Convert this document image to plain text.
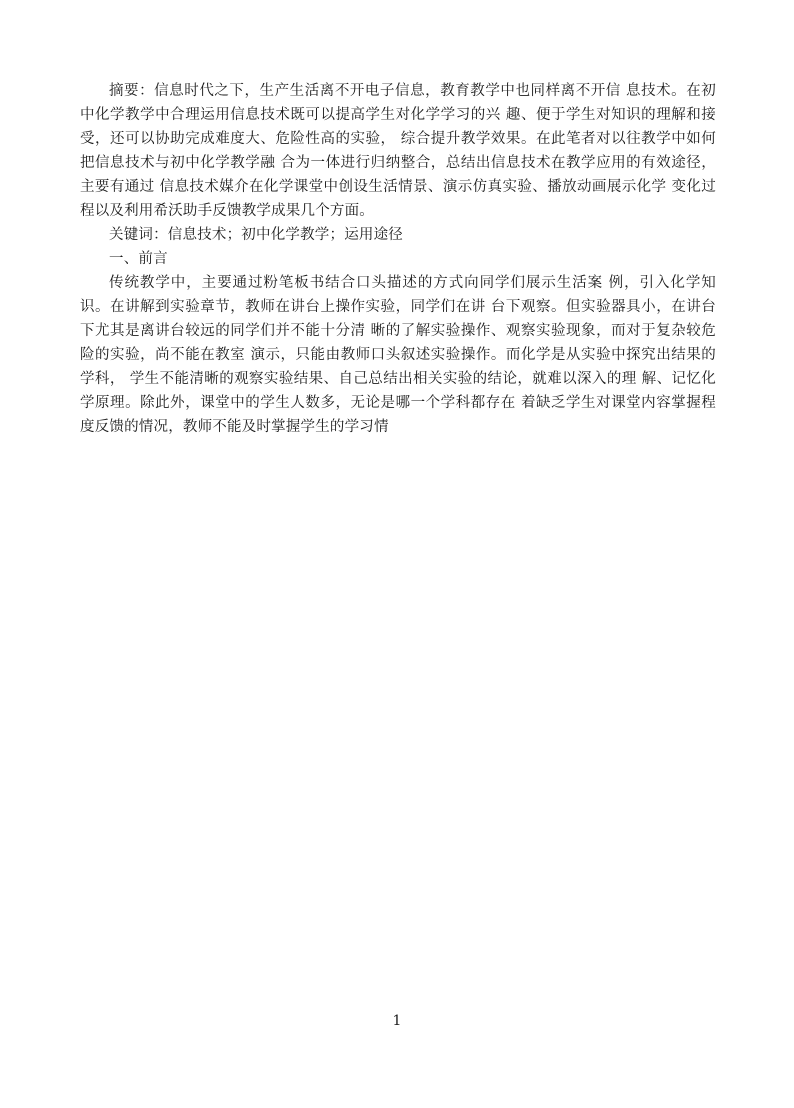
摘要：信息时代之下，生产生活离不开电子信息，教育教学中也同样离不开信 息技术。在初中化学教学中合理运用信息技术既可以提高学生对化学学习的兴 趣、便于学生对知识的理解和接受，还可以协助完成难度大、危险性高的实验， 综合提升教学效果。在此笔者对以往教学中如何把信息技术与初中化学教学融 合为一体进行归纳整合，总结出信息技术在教学应用的有效途径，主要有通过 信息技术媒介在化学课堂中创设生活情景、演示仿真实验、播放动画展示化学 变化过程以及利用希沃助手反馈教学成果几个方面。

关键词：信息技术；初中化学教学；运用途径

一、前言

传统教学中，主要通过粉笔板书结合口头描述的方式向同学们展示生活案 例，引入化学知识。在讲解到实验章节，教师在讲台上操作实验，同学们在讲 台下观察。但实验器具小，在讲台下尤其是离讲台较远的同学们并不能十分清 晰的了解实验操作、观察实验现象，而对于复杂较危险的实验，尚不能在教室 演示，只能由教师口头叙述实验操作。而化学是从实验中探究出结果的学科， 学生不能清晰的观察实验结果、自己总结出相关实验的结论，就难以深入的理 解、记忆化学原理。除此外，课堂中的学生人数多，无论是哪一个学科都存在 着缺乏学生对课堂内容掌握程度反馈的情况，教师不能及时掌握学生的学习情

1
